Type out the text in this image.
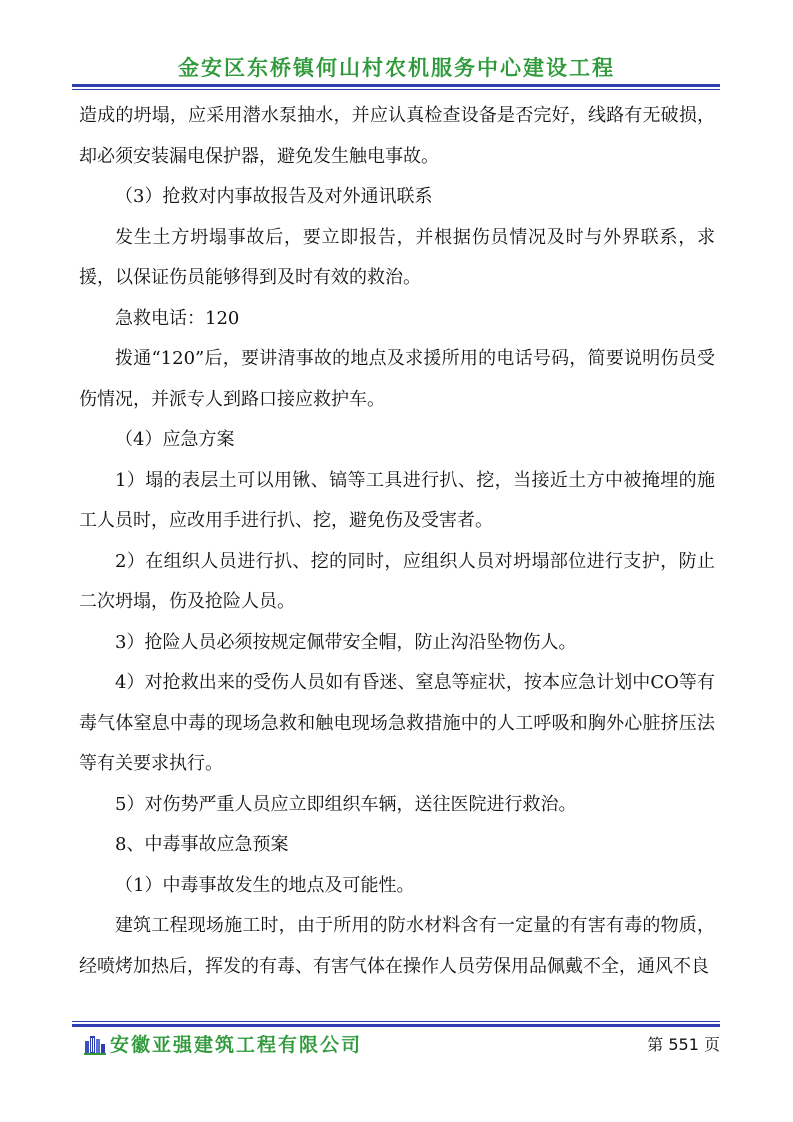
金安区东桥镇何山村农机服务中心建设工程

造成的坍塌，应采用潜水泵抽水，并应认真检查设备是否完好，线路有无破损，却必须安装漏电保护器，避免发生触电事故。

（3）抢救对内事故报告及对外通讯联系

发生土方坍塌事故后，要立即报告，并根据伤员情况及时与外界联系，求援，以保证伤员能够得到及时有效的救治。

急救电话：120

拨通“120”后，要讲清事故的地点及求援所用的电话号码，简要说明伤员受伤情况，并派专人到路口接应救护车。

（4）应急方案

1）塌的表层土可以用锹、镐等工具进行扒、挖，当接近土方中被掩埋的施工人员时，应改用手进行扒、挖，避免伤及受害者。

2）在组织人员进行扒、挖的同时，应组织人员对坍塌部位进行支护，防止二次坍塌，伤及抢险人员。

3）抢险人员必须按规定佩带安全帽，防止沟沿坠物伤人。

4）对抢救出来的受伤人员如有昏迷、窒息等症状，按本应急计划中CO等有毒气体窒息中毒的现场急救和触电现场急救措施中的人工呼吸和胸外心脏挤压法等有关要求执行。

5）对伤势严重人员应立即组织车辆，送往医院进行救治。

8、中毒事故应急预案

（1）中毒事故发生的地点及可能性。

建筑工程现场施工时，由于所用的防水材料含有一定量的有害有毒的物质，经喷烤加热后，挥发的有毒、有害气体在操作人员劳保用品佩戴不全，通风不良

安徽亚强建筑工程有限公司	第 551 页
